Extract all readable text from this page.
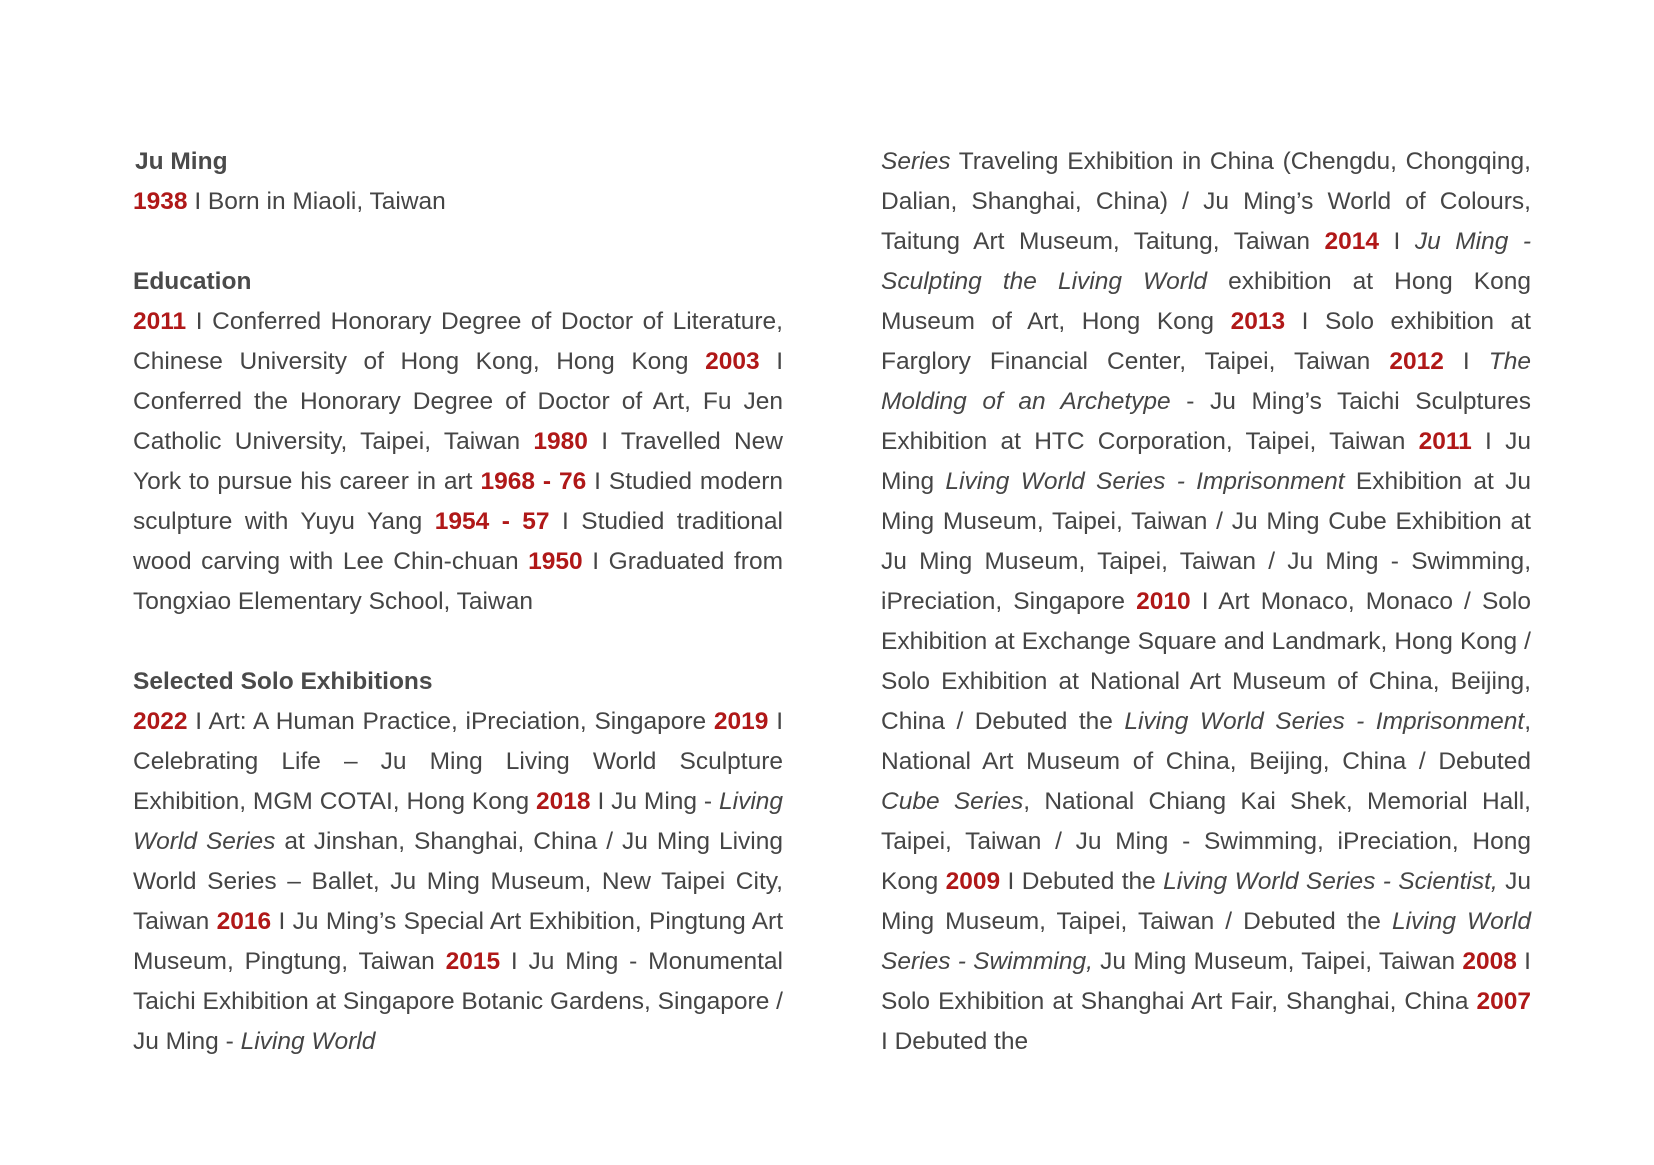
Ju Ming

1938 I Born in Miaoli, Taiwan

Education

2011 I Conferred Honorary Degree of Doctor of Literature, Chinese University of Hong Kong, Hong Kong 2003 I Conferred the Honorary Degree of Doctor of Art, Fu Jen Catholic University, Taipei, Taiwan 1980 I Travelled New York to pursue his career in art 1968 - 76 I Studied modern sculpture with Yuyu Yang 1954 - 57 I Studied traditional wood carving with Lee Chin-chuan 1950 I Graduated from Tongxiao Elementary School, Taiwan

Selected Solo Exhibitions

2022 I Art: A Human Practice, iPreciation, Singapore 2019 I Celebrating Life – Ju Ming Living World Sculpture Exhibition, MGM COTAI, Hong Kong 2018 I Ju Ming - Living World Series at Jinshan, Shanghai, China / Ju Ming Living World Series – Ballet, Ju Ming Museum, New Taipei City, Taiwan 2016 I Ju Ming’s Special Art Exhibition, Pingtung Art Museum, Pingtung, Taiwan 2015 I Ju Ming - Monumental Taichi Exhibition at Singapore Botanic Gardens, Singapore / Ju Ming - Living World

Series Traveling Exhibition in China (Chengdu, Chongqing, Dalian, Shanghai, China) / Ju Ming’s World of Colours, Taitung Art Museum, Taitung, Taiwan 2014 I Ju Ming - Sculpting the Living World exhibition at Hong Kong Museum of Art, Hong Kong 2013 I Solo exhibition at Farglory Financial Center, Taipei, Taiwan 2012 I The Molding of an Archetype - Ju Ming’s Taichi Sculptures Exhibition at HTC Corporation, Taipei, Taiwan 2011 I Ju Ming Living World Series - Imprisonment Exhibition at Ju Ming Museum, Taipei, Taiwan / Ju Ming Cube Exhibition at Ju Ming Museum, Taipei, Taiwan / Ju Ming - Swimming, iPreciation, Singapore 2010 I Art Monaco, Monaco / Solo Exhibition at Exchange Square and Landmark, Hong Kong / Solo Exhibition at National Art Museum of China, Beijing, China / Debuted the Living World Series - Imprisonment, National Art Museum of China, Beijing, China / Debuted Cube Series, National Chiang Kai Shek, Memorial Hall, Taipei, Taiwan / Ju Ming - Swimming, iPreciation, Hong Kong 2009 I Debuted the Living World Series - Scientist, Ju Ming Museum, Taipei, Taiwan / Debuted the Living World Series - Swimming, Ju Ming Museum, Taipei, Taiwan 2008 I Solo Exhibition at Shanghai Art Fair, Shanghai, China 2007 I Debuted the
